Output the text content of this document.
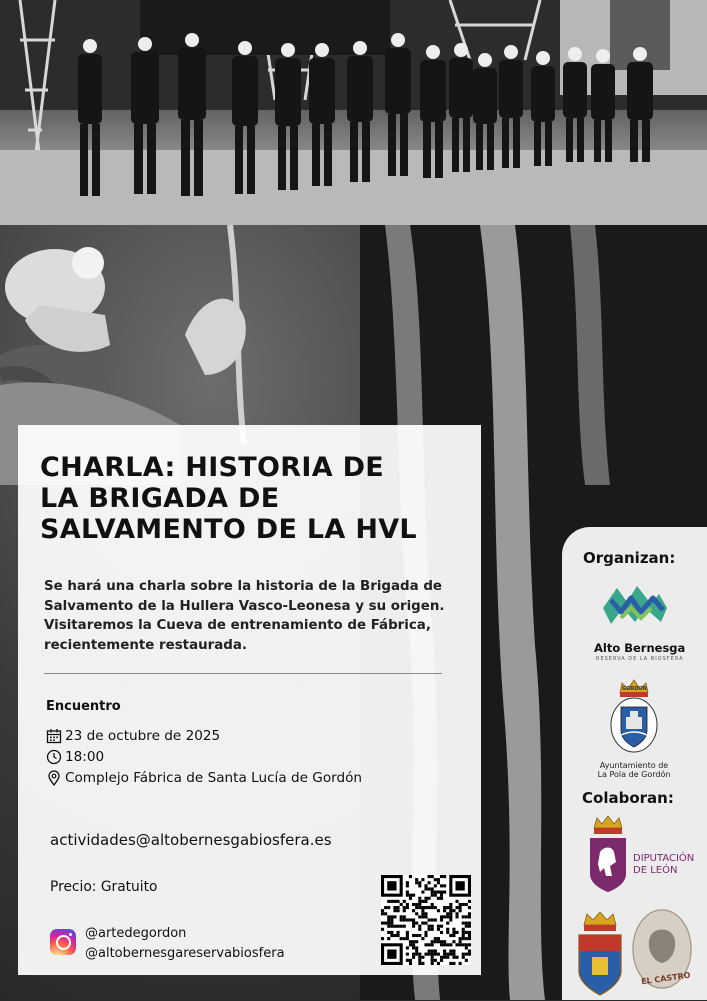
CHARLA: HISTORIA DE
LA BRIGADA DE
SALVAMENTO DE LA HVL

Se hará una charla sobre la historia de la Brigada de
Salvamento de la Hullera Vasco-Leonesa y su origen.
Visitaremos la Cueva de entrenamiento de Fábrica,
recientemente restaurada.

Encuentro
23 de octubre de 2025
18:00
Complejo Fábrica de Santa Lucía de Gordón
actividades@altobernesgabiosfera.es
Precio: Gratuito
@artedegordon
@altobernesgareservabiosfera
Organizan:
Alto Bernesga
RESERVA DE LA BIOSFERA
GORDON
Ayuntamiento de
La Pola de Gordón
Colaboran:
DIPUTACIÓN
DE LEÓN
EL CASTRO
